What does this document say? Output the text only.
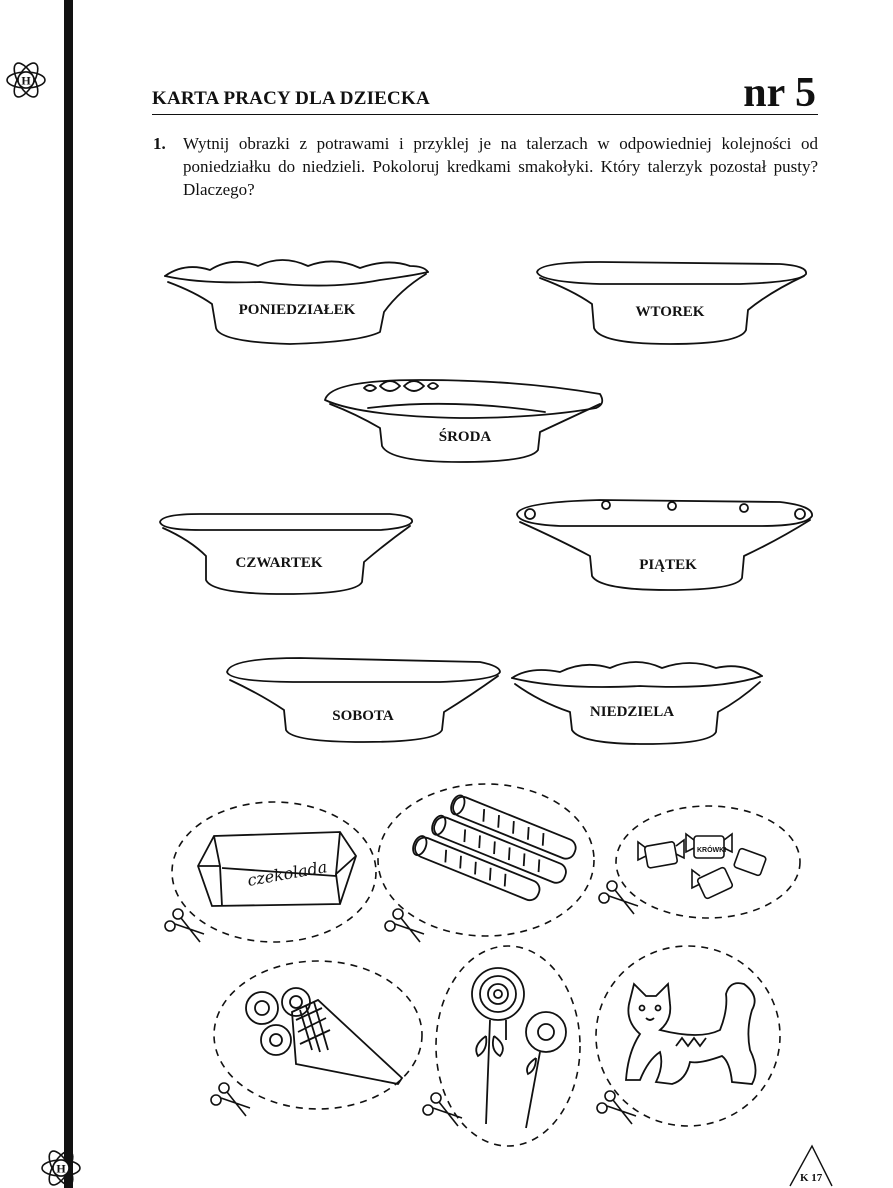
H
KARTA PRACY DLA DZIECKA	nr 5
1. Wytnij obrazki z potrawami i przyklej je na talerzach w odpowiedniej kolejności od poniedziałku do niedzieli. Pokoloruj kredkami smakołyki. Który talerzyk pozostał pusty? Dlaczego?
czekolada
KRÓWKI
PONIEDZIAŁEK	WTOREK
ŚRODA
CZWARTEK	PIĄTEK
SOBOTA	NIEDZIELA
H
K 17
